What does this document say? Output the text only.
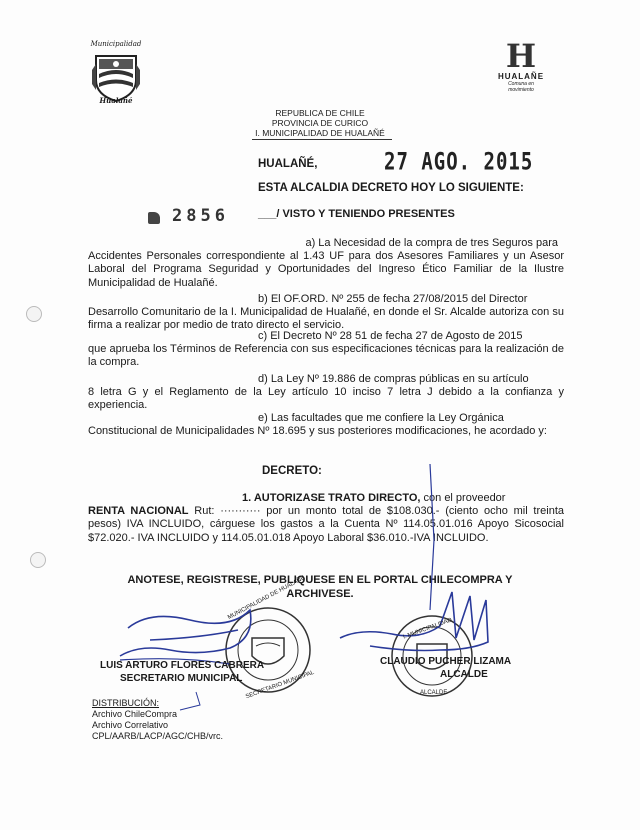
Municipalidad
Hualañé
H
HUALAÑE
Comuna en movimiento
REPUBLICA DE CHILE
PROVINCIA DE CURICO
I. MUNICIPALIDAD DE HUALAÑÉ
HUALAÑÉ,	27 AGO. 2015
ESTA ALCALDIA DECRETO HOY LO SIGUIENTE:
2856	___/ VISTO Y TENIENDO PRESENTES
a) La Necesidad de la compra de tres Seguros para
Accidentes Personales correspondiente al 1.43 UF para dos Asesores Familiares y un Asesor Laboral del Programa Seguridad y Oportunidades del Ingreso Ético Familiar de la Ilustre Municipalidad de Hualañé.
b) El OF.ORD. Nº 255 de fecha 27/08/2015 del Director
Desarrollo Comunitario de la I. Municipalidad de Hualañé, en donde el Sr. Alcalde autoriza con su firma a realizar por medio de trato directo el servicio.
c) El Decreto Nº 28 51 de fecha 27 de Agosto de 2015
que aprueba los Términos de Referencia con sus especificaciones técnicas para la realización de la compra.
d) La Ley Nº 19.886 de compras públicas en su artículo
8 letra G y el Reglamento de la Ley artículo 10 inciso 7 letra J debido a la confianza y experiencia.
e) Las facultades que me confiere la Ley Orgánica
Constitucional de Municipalidades Nº 18.695 y sus posteriores modificaciones, he acordado y:
DECRETO:
1. AUTORIZASE TRATO DIRECTO, con el proveedor
RENTA NACIONAL Rut: ··········· por un monto total de $108.030.- (ciento ocho mil treinta pesos) IVA INCLUIDO, cárguese los gastos a la Cuenta Nº 114.05.01.016 Apoyo Sicosocial $72.020.- IVA INCLUIDO y 114.05.01.018 Apoyo Laboral $36.010.-IVA INCLUIDO.
ANOTESE, REGISTRESE, PUBLIQUESE EN EL PORTAL CHILECOMPRA Y
ARCHIVESE.
MUNICIPALIDAD DE HUALAÑE
SECRETARIO MUNICIPAL
I. MUNICIPALIDAD
ALCALDE
LUIS ARTURO FLORES CABRERA
SECRETARIO MUNICIPAL
CLAUDIO PUCHER LIZAMA
ALCALDE
DISTRIBUCIÓN:
Archivo ChileCompra
Archivo Correlativo
CPL/AARB/LACP/AGC/CHB/vrc.
